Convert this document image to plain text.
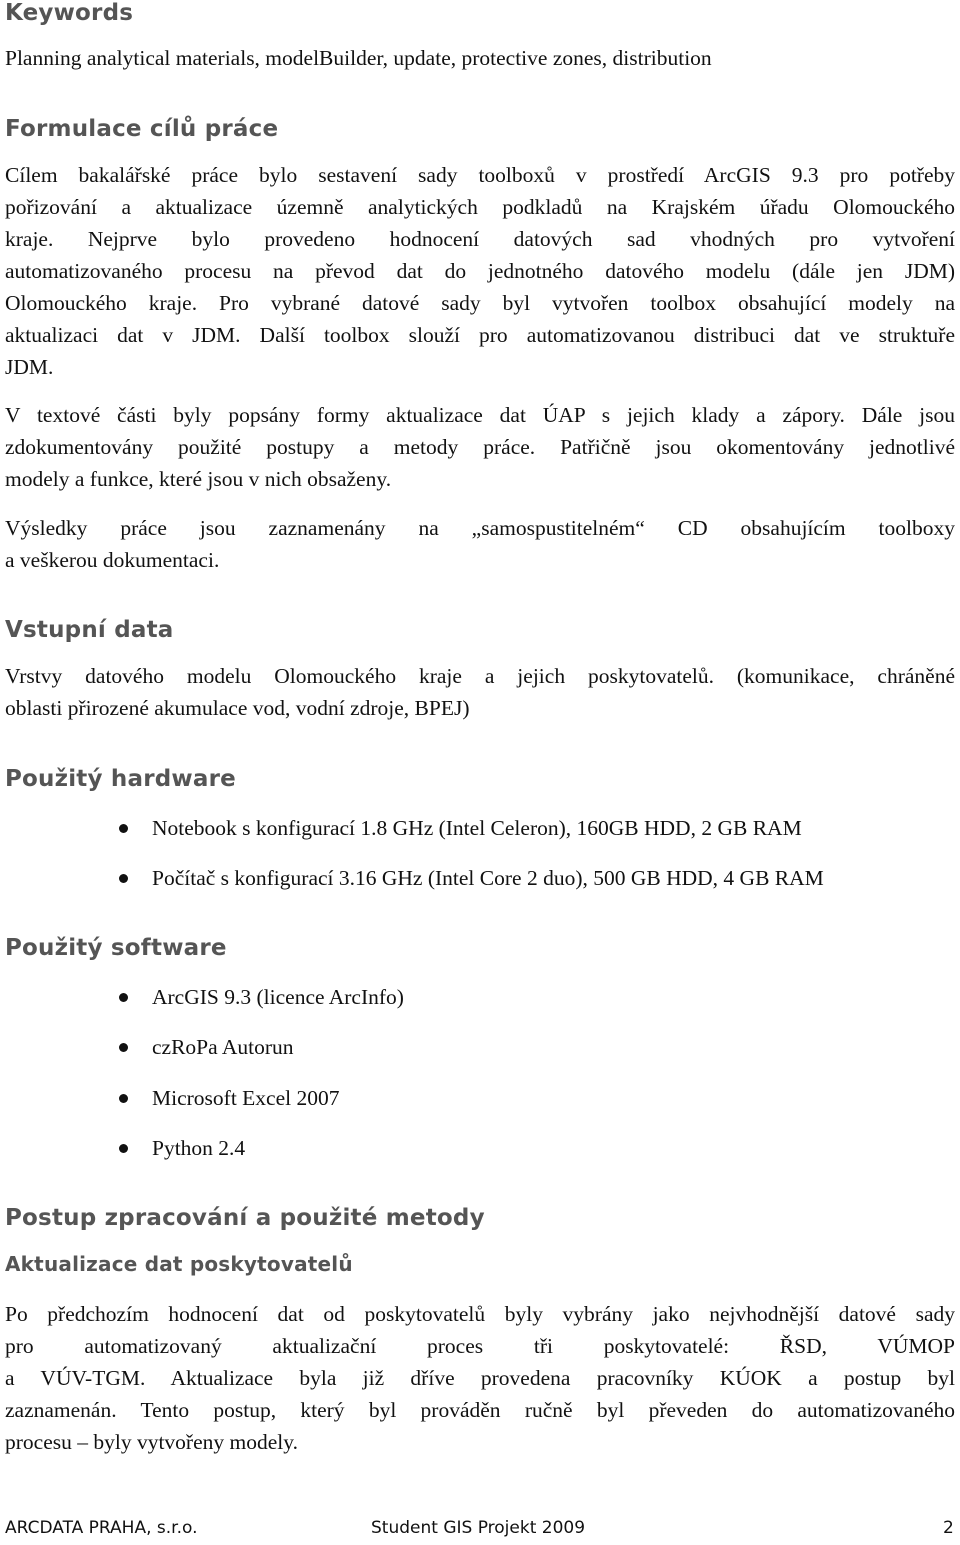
Keywords
Planning analytical materials, modelBuilder, update, protective zones, distribution
Formulace cílů práce
Cílem bakalářské práce bylo sestavení sady toolboxů v prostředí ArcGIS 9.3 pro potřeby
pořizování a aktualizace územně analytických podkladů na Krajském úřadu Olomouckého
kraje. Nejprve bylo provedeno hodnocení datových sad vhodných pro vytvoření
automatizovaného procesu na převod dat do jednotného datového modelu (dále jen JDM)
Olomouckého kraje. Pro vybrané datové sady byl vytvořen toolbox obsahující modely na
aktualizaci dat v JDM. Další toolbox slouží pro automatizovanou distribuci dat ve struktuře
JDM.
V textové části byly popsány formy aktualizace dat ÚAP s jejich klady a zápory. Dále jsou
zdokumentovány použité postupy a metody práce. Patřičně jsou okomentovány jednotlivé
modely a funkce, které jsou v nich obsaženy.
Výsledky práce jsou zaznamenány na „samospustitelném“ CD obsahujícím toolboxy
a veškerou dokumentaci.
Vstupní data
Vrstvy datového modelu Olomouckého kraje a jejich poskytovatelů. (komunikace, chráněné
oblasti přirozené akumulace vod, vodní zdroje, BPEJ)
Použitý hardware
Notebook s konfigurací 1.8 GHz (Intel Celeron), 160GB HDD, 2 GB RAM
Počítač s konfigurací 3.16 GHz (Intel Core 2 duo), 500 GB HDD, 4 GB RAM
Použitý software
ArcGIS 9.3 (licence ArcInfo)
czRoPa Autorun
Microsoft Excel 2007
Python 2.4
Postup zpracování a použité metody
Aktualizace dat poskytovatelů
Po předchozím hodnocení dat od poskytovatelů byly vybrány jako nejvhodnější datové sady
pro automatizovaný aktualizační proces tři poskytovatelé: ŘSD, VÚMOP
a VÚV-TGM. Aktualizace byla již dříve provedena pracovníky KÚOK a postup byl
zaznamenán. Tento postup, který byl prováděn ručně byl převeden do automatizovaného
procesu – byly vytvořeny modely.
ARCDATA PRAHA, s.r.o.	Student GIS Projekt 2009	2
